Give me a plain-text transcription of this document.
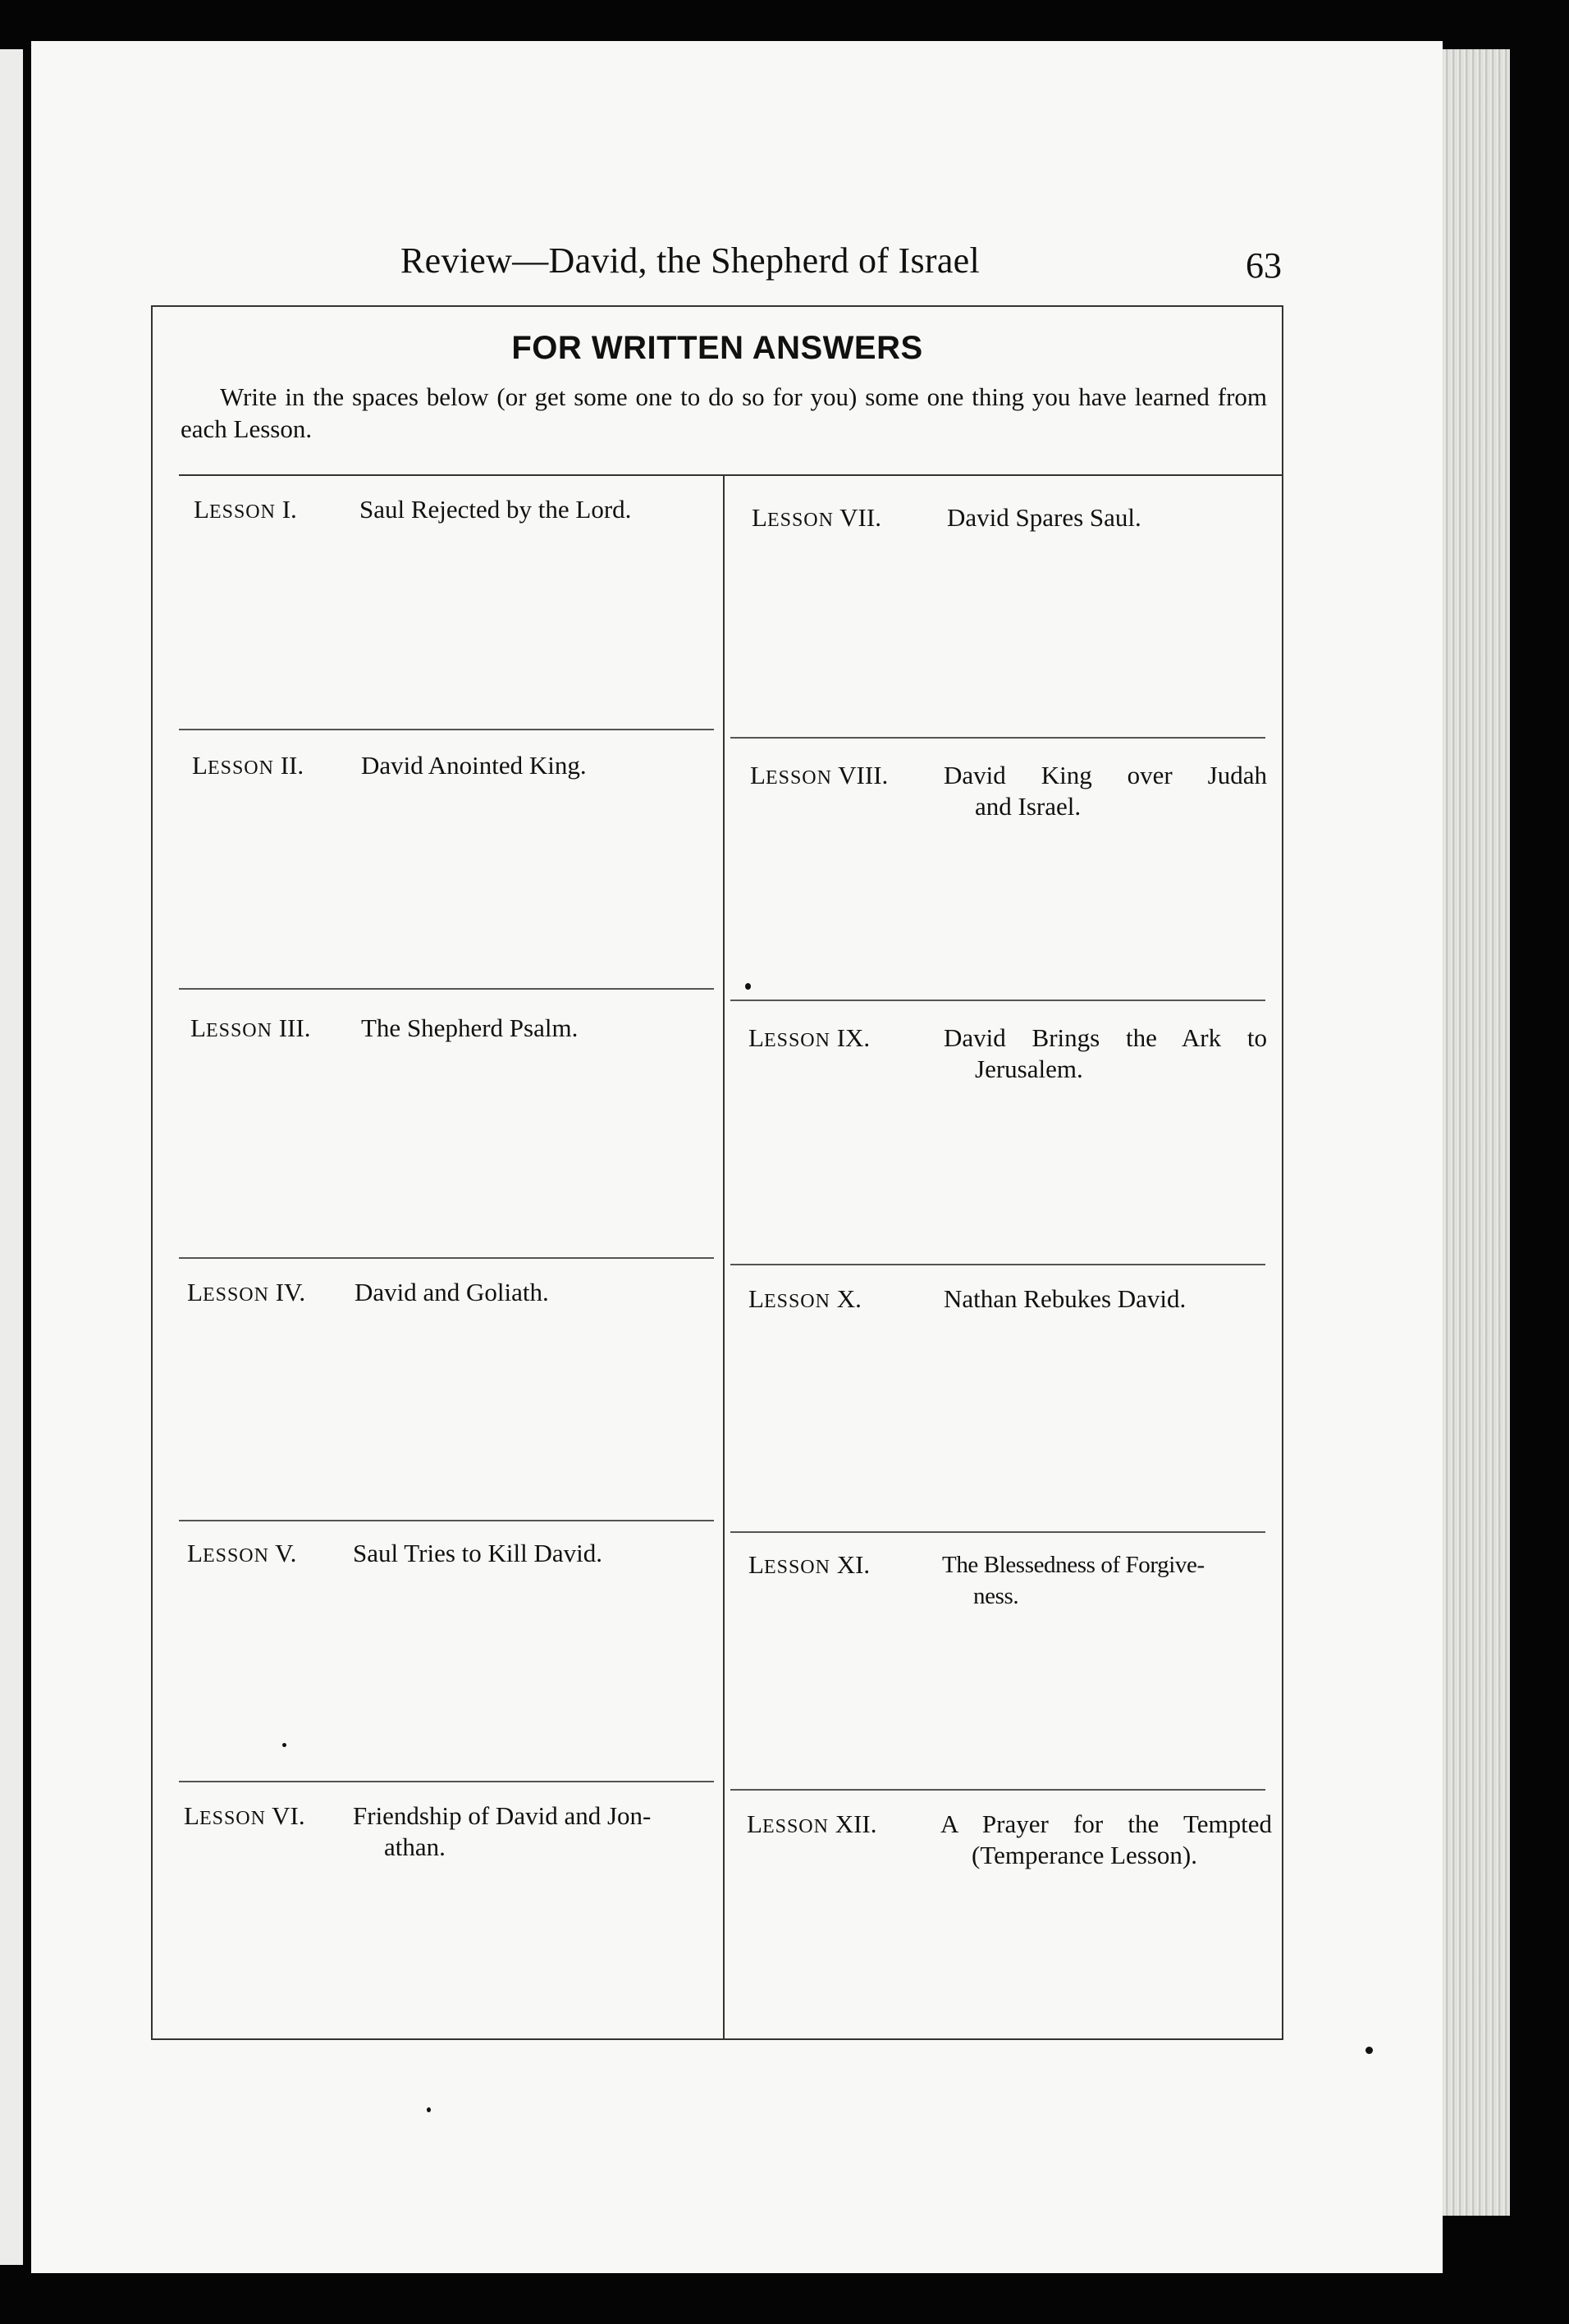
Review—David, the Shepherd of Israel	63
FOR WRITTEN ANSWERS
Write in the spaces below (or get some one to do so for you) some one thing you have learned from each Lesson.
LESSON I. Saul Rejected by the Lord.
LESSON II. David Anointed King.
LESSON III. The Shepherd Psalm.
LESSON IV. David and Goliath.
LESSON V. Saul Tries to Kill David.
LESSON VI. Friendship of David and Jon-
athan.
LESSON VII.	David Spares Saul.
LESSON VIII. David King over Judah
and Israel.
LESSON IX.	David Brings the Ark to
Jerusalem.
LESSON X.	Nathan Rebukes David.
LESSON XI.	The Blessedness of Forgive-
ness.
LESSON XII. A Prayer for the Tempted
(Temperance Lesson).
